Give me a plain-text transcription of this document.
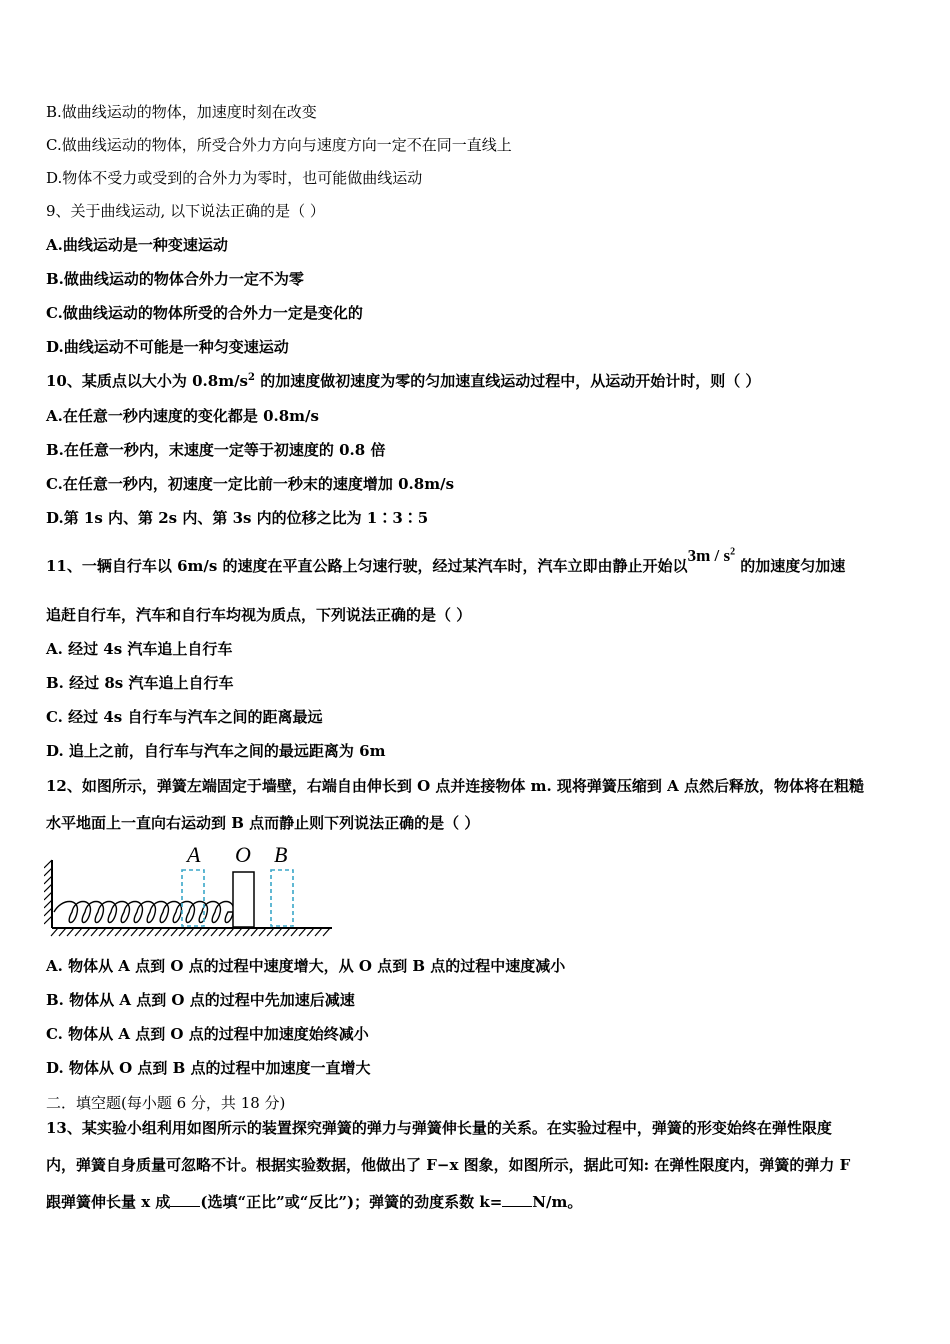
B.做曲线运动的物体，加速度时刻在改变
C.做曲线运动的物体，所受合外力方向与速度方向一定不在同一直线上
D.物体不受力或受到的合外力为零时，也可能做曲线运动
9、关于曲线运动, 以下说法正确的是（ ）
A.曲线运动是一种变速运动
B.做曲线运动的物体合外力一定不为零
C.做曲线运动的物体所受的合外力一定是变化的
D.曲线运动不可能是一种匀变速运动
10、某质点以大小为 $0.8m/s^2$ 的加速度做初速度为零的匀加速直线运动过程中，从运动开始计时，则（ ）
A.在任意一秒内速度的变化都是 0.8m/s
B.在任意一秒内，末速度一定等于初速度的 0.8 倍
C.在任意一秒内，初速度一定比前一秒末的速度增加 0.8m/s
D.第 1s 内、第 2s 内、第 3s 内的位移之比为 1∶3∶5
11、一辆自行车以 6m/s 的速度在平直公路上匀速行驶，经过某汽车时，汽车立即由静止开始以$3m / s^2$ 的加速度匀加速
追赶自行车，汽车和自行车均视为质点，下列说法正确的是（ ）
A. 经过 4s 汽车追上自行车
B. 经过 8s 汽车追上自行车
C. 经过 4s 自行车与汽车之间的距离最远
D. 追上之前，自行车与汽车之间的最远距离为 6m
12、如图所示，弹簧左端固定于墙壁，右端自由伸长到 O 点并连接物体 m. 现将弹簧压缩到 A 点然后释放，物体将在粗糙
水平地面上一直向右运动到 B 点而静止则下列说法正确的是（ ）
A O B
A. 物体从 A 点到 O 点的过程中速度增大，从 O 点到 B 点的过程中速度减小
B. 物体从 A 点到 O 点的过程中先加速后减速
C. 物体从 A 点到 O 点的过程中加速度始终减小
D. 物体从 O 点到 B 点的过程中加速度一直增大
二．填空题(每小题 6 分，共 18 分)
13、某实验小组利用如图所示的装置探究弹簧的弹力与弹簧伸长量的关系。在实验过程中，弹簧的形变始终在弹性限度
内，弹簧自身质量可忽略不计。根据实验数据，他做出了 F−x 图象，如图所示，据此可知: 在弹性限度内，弹簧的弹力 F
跟弹簧伸长量 x 成 (选填“正比”或“反比”)；弹簧的劲度系数 k= N/m。
